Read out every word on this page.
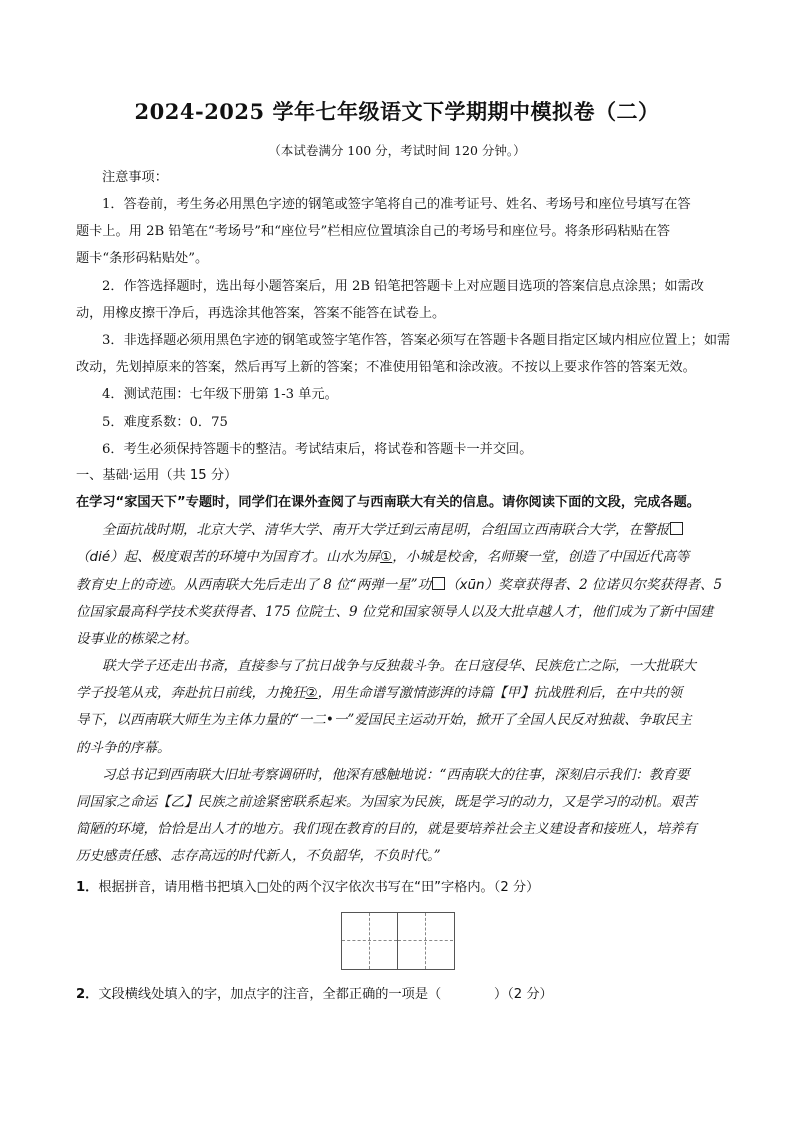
2024-2025 学年七年级语文下学期期中模拟卷（二）
（本试卷满分 100 分，考试时间 120 分钟。）
注意事项：
1．答卷前，考生务必用黑色字迹的钢笔或签字笔将自己的准考证号、姓名、考场号和座位号填写在答
题卡上。用 2B 铅笔在“考场号”和“座位号”栏相应位置填涂自己的考场号和座位号。将条形码粘贴在答
题卡“条形码粘贴处”。
2．作答选择题时，选出每小题答案后，用 2B 铅笔把答题卡上对应题目选项的答案信息点涂黑；如需改
动，用橡皮擦干净后，再选涂其他答案，答案不能答在试卷上。
3．非选择题必须用黑色字迹的钢笔或签字笔作答，答案必须写在答题卡各题目指定区域内相应位置上；如需
改动，先划掉原来的答案，然后再写上新的答案；不准使用铅笔和涂改液。不按以上要求作答的答案无效。
4．测试范围：七年级下册第 1-3 单元。
5．难度系数：0．75
6．考生必须保持答题卡的整洁。考试结束后，将试卷和答题卡一并交回。
一、基础·运用（共 15 分）
在学习“家国天下”专题时，同学们在课外查阅了与西南联大有关的信息。请你阅读下面的文段，完成各题。
全面抗战时期，北京大学、清华大学、南开大学迁到云南昆明，合组国立西南联合大学，在警报
（dié）起、极度艰苦的环境中为国育才。山水为屏①，小城是校舍，名师聚一堂，创造了中国近代高等
教育史上的奇迹。从西南联大先后走出了 8 位“两弹一星”功 （xūn）奖章获得者、2 位诺贝尔奖获得者、5
位国家最高科学技术奖获得者、175 位院士、9 位党和国家领导人以及大批卓越人才，他们成为了新中国建
设事业的栋梁之材。
联大学子还走出书斋，直接参与了抗日战争与反独裁斗争。在日寇侵华、民族危亡之际，一大批联大
学子投笔从戎，奔赴抗日前线，力挽狂②，用生命谱写激情澎湃的诗篇【甲】抗战胜利后，在中共的领
导下，以西南联大师生为主体力量的“一二•一”爱国民主运动开始，掀开了全国人民反对独裁、争取民主
的斗争的序幕。
习总书记到西南联大旧址考察调研时，他深有感触地说：“西南联大的往事，深刻启示我们：教育要
同国家之命运【乙】民族之前途紧密联系起来。为国家为民族，既是学习的动力，又是学习的动机。艰苦
简陋的环境，恰恰是出人才的地方。我们现在教育的目的，就是要培养社会主义建设者和接班人，培养有
历史感责任感、志存高远的时代新人，不负韶华，不负时代。”
1．根据拼音，请用楷书把填入□处的两个汉字依次书写在“田”字格内。（2 分）
2．文段横线处填入的字，加点字的注音，全都正确的一项是（　　　　）（2 分）
